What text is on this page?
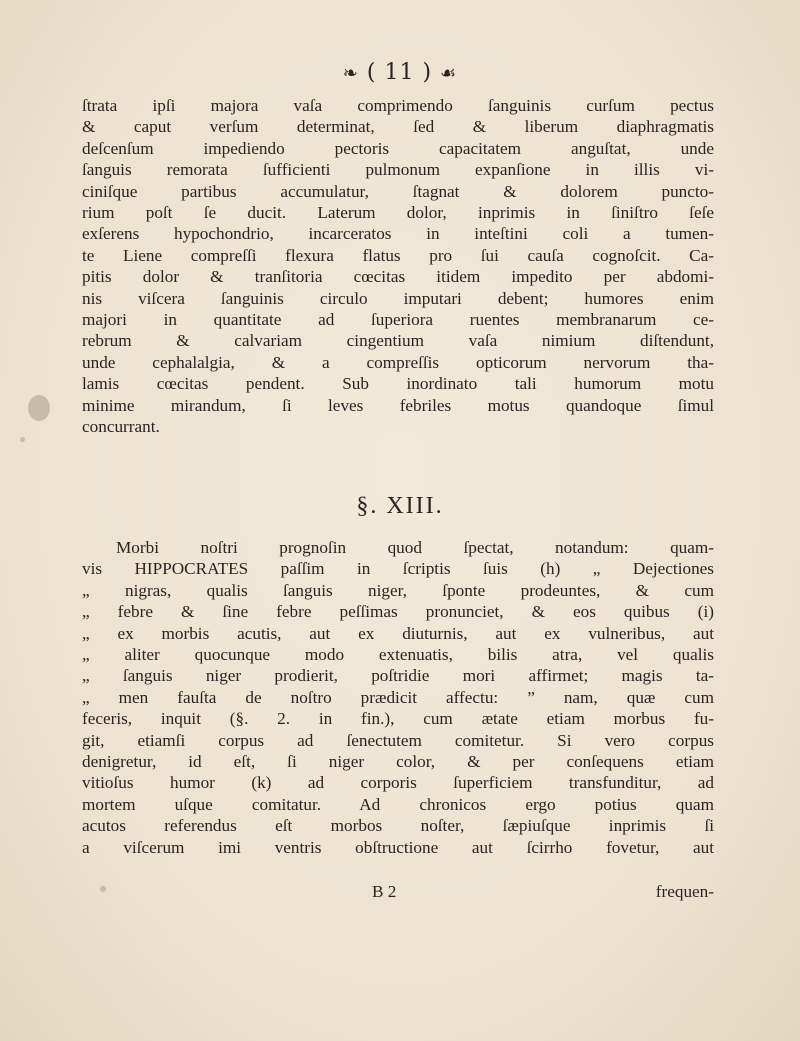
❧ ( 11 ) ☙
ſtrata ipſi majora vaſa comprimendo ſanguinis curſum pectus
& caput verſum determinat, ſed & liberum diaphragmatis
deſcenſum impediendo pectoris capacitatem anguſtat, unde
ſanguis remorata ſufficienti pulmonum expanſione in illis vi-
ciniſque partibus accumulatur, ſtagnat & dolorem puncto-
rium poſt ſe ducit. Laterum dolor, inprimis in ſiniſtro ſeſe
exſerens hypochondrio, incarceratos in inteſtini coli a tumen-
te Liene compreſſi flexura flatus pro ſui cauſa cognoſcit. Ca-
pitis dolor & tranſitoria cœcitas itidem impedito per abdomi-
nis viſcera ſanguinis circulo imputari debent; humores enim
majori in quantitate ad ſuperiora ruentes membranarum ce-
rebrum & calvariam cingentium vaſa nimium diſtendunt,
unde cephalalgia, & a compreſſis opticorum nervorum tha-
lamis cœcitas pendent. Sub inordinato tali humorum motu
minime mirandum, ſi leves febriles motus quandoque ſimul
concurrant.
§. XIII.
Morbi noſtri prognoſin quod ſpectat, notandum: quam-
vis HIPPOCRATES paſſim in ſcriptis ſuis (h) „ Dejectiones
„ nigras, qualis ſanguis niger, ſponte prodeuntes, & cum
„ febre & ſine febre peſſimas pronunciet, & eos quibus (i)
„ ex morbis acutis, aut ex diuturnis, aut ex vulneribus, aut
„ aliter quocunque modo extenuatis, bilis atra, vel qualis
„ ſanguis niger prodierit, poſtridie mori affirmet; magis ta-
„ men fauſta de noſtro prædicit affectu: ” nam, quæ cum
feceris, inquit (§. 2. in fin.), cum ætate etiam morbus fu-
git, etiamſi corpus ad ſenectutem comitetur. Si vero corpus
denigretur, id eſt, ſi niger color, & per conſequens etiam
vitioſus humor (k) ad corporis ſuperficiem transfunditur, ad
mortem uſque comitatur. Ad chronicos ergo potius quam
acutos referendus eſt morbos noſter, ſæpiuſque inprimis ſi
a viſcerum imi ventris obſtructione aut ſcirrho fovetur, aut
B 2	frequen-
